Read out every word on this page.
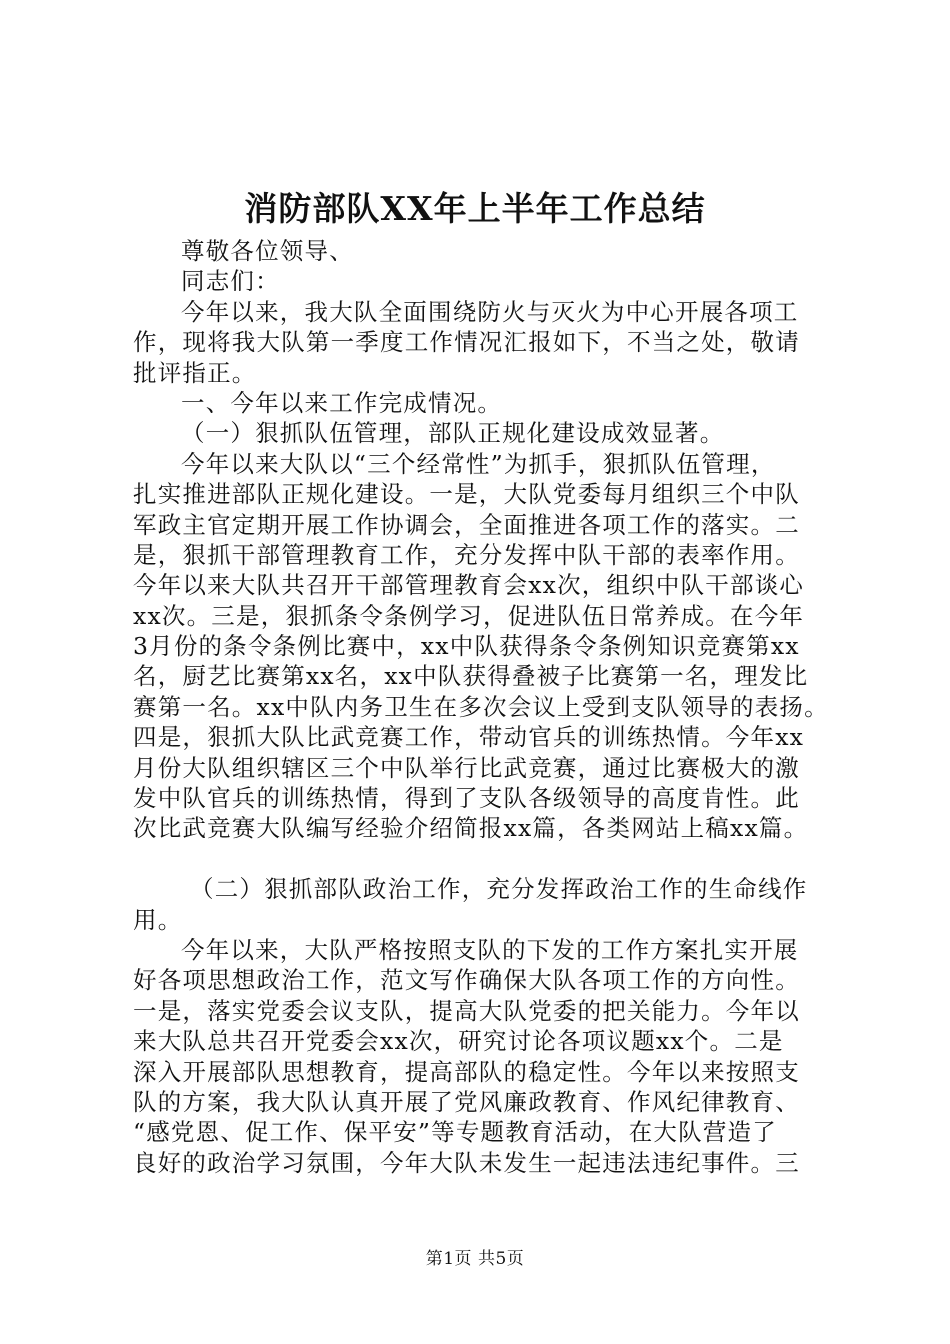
消防部队XX年上半年工作总结
尊敬各位领导、
同志们：
今年以来，我大队全面围绕防火与灭火为中心开展各项工
作，现将我大队第一季度工作情况汇报如下，不当之处，敬请
批评指正。
一、今年以来工作完成情况。
（一）狠抓队伍管理，部队正规化建设成效显著。
今年以来大队以“三个经常性”为抓手，狠抓队伍管理，
扎实推进部队正规化建设。一是，大队党委每月组织三个中队
军政主官定期开展工作协调会，全面推进各项工作的落实。二
是，狠抓干部管理教育工作，充分发挥中队干部的表率作用。
今年以来大队共召开干部管理教育会xx次，组织中队干部谈心
xx次。三是，狠抓条令条例学习，促进队伍日常养成。在今年
3月份的条令条例比赛中，xx中队获得条令条例知识竞赛第xx
名，厨艺比赛第xx名，xx中队获得叠被子比赛第一名，理发比
赛第一名。xx中队内务卫生在多次会议上受到支队领导的表扬。
四是，狠抓大队比武竞赛工作，带动官兵的训练热情。今年xx
月份大队组织辖区三个中队举行比武竞赛，通过比赛极大的激
发中队官兵的训练热情，得到了支队各级领导的高度肯性。此
次比武竞赛大队编写经验介绍简报xx篇，各类网站上稿xx篇。
（二）狠抓部队政治工作，充分发挥政治工作的生命线作
用。
今年以来，大队严格按照支队的下发的工作方案扎实开展
好各项思想政治工作，范文写作确保大队各项工作的方向性。
一是，落实党委会议支队，提高大队党委的把关能力。今年以
来大队总共召开党委会xx次，研究讨论各项议题xx个。二是
深入开展部队思想教育，提高部队的稳定性。今年以来按照支
队的方案，我大队认真开展了党风廉政教育、作风纪律教育、
“感党恩、促工作、保平安”等专题教育活动，在大队营造了
良好的政治学习氛围，今年大队未发生一起违法违纪事件。三
第1页 共5页
